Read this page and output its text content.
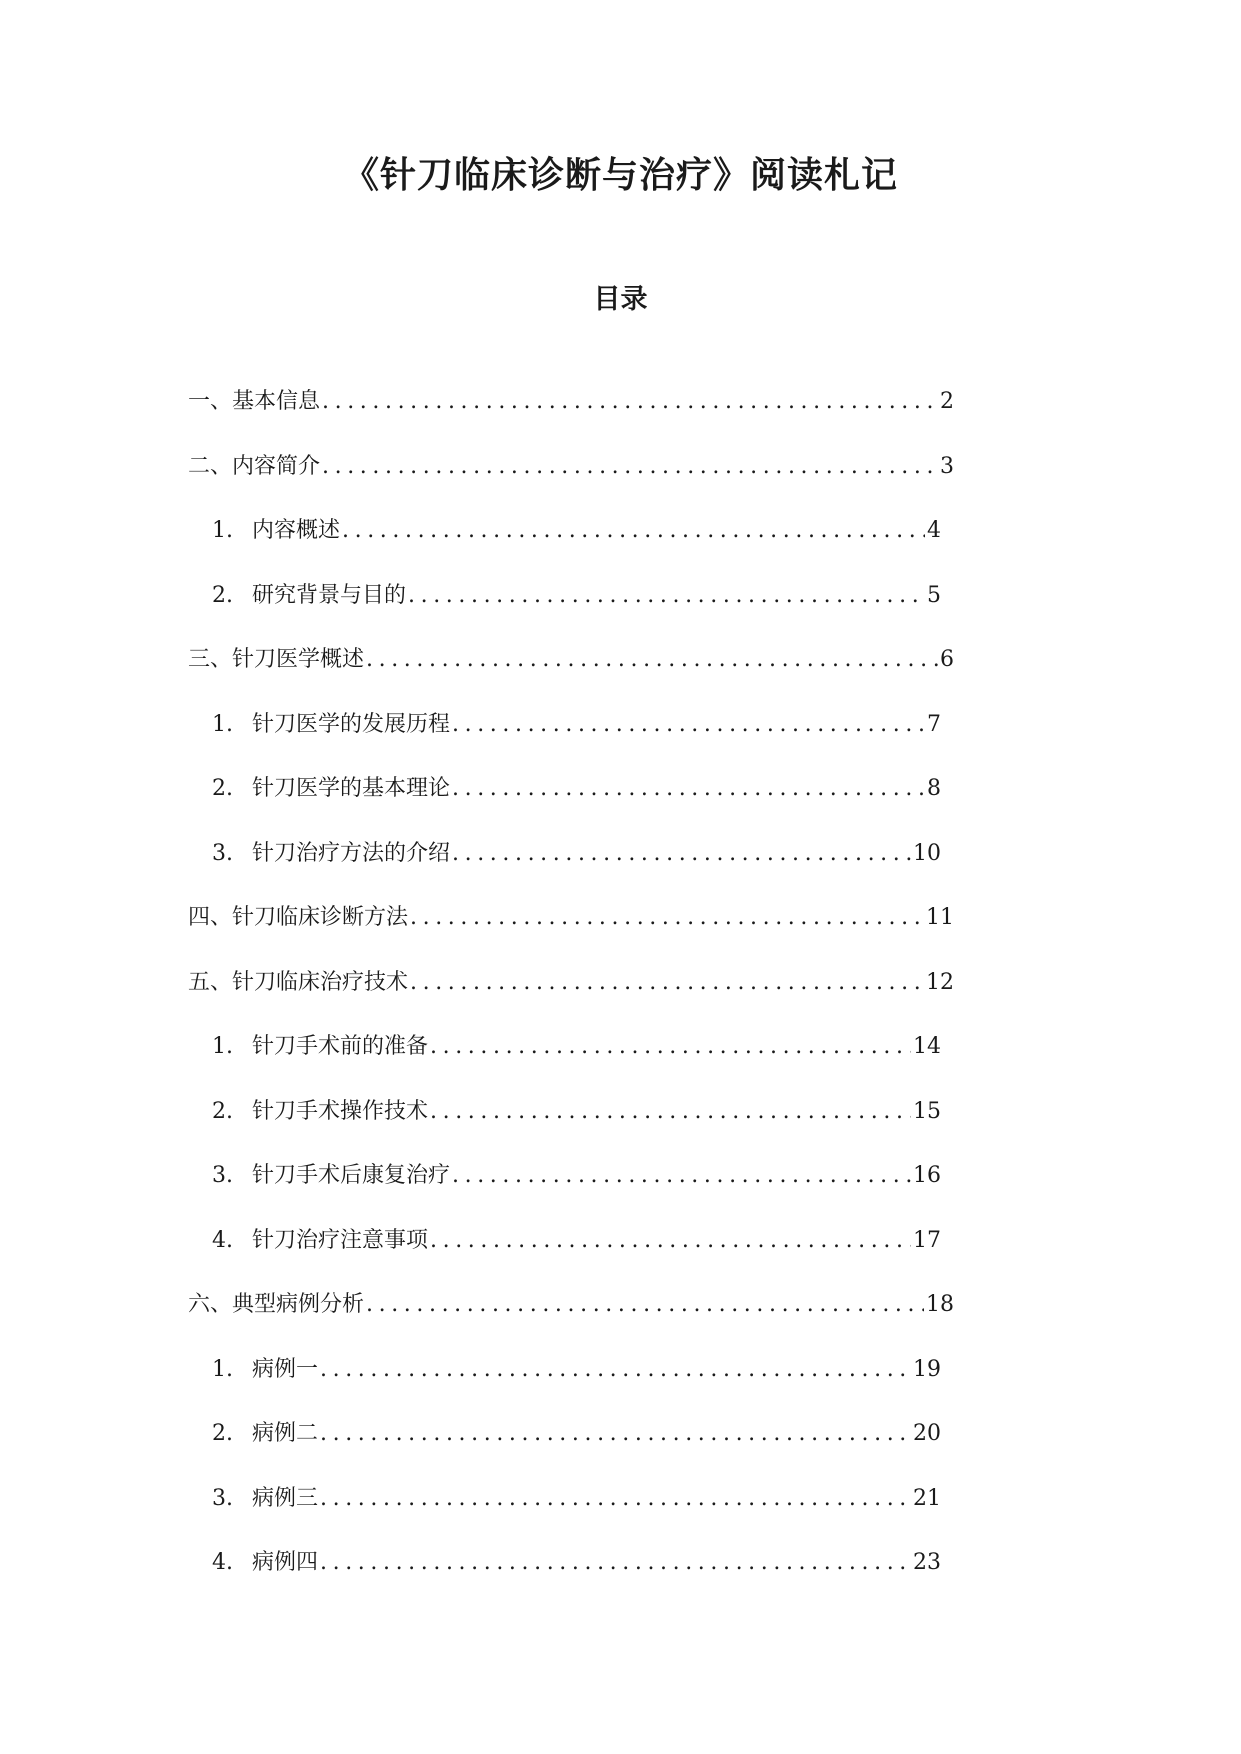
《针刀临床诊断与治疗》阅读札记
目录
一、基本信息 .....	2
二、内容简介 .....	3
1. 内容概述 .....	4
2. 研究背景与目的 .....	5
三、针刀医学概述 .....	6
1. 针刀医学的发展历程 .....	7
2. 针刀医学的基本理论 .....	8
3. 针刀治疗方法的介绍 .....	10
四、针刀临床诊断方法 .....	11
五、针刀临床治疗技术 .....	12
1. 针刀手术前的准备 .....	14
2. 针刀手术操作技术 .....	15
3. 针刀手术后康复治疗 .....	16
4. 针刀治疗注意事项 .....	17
六、典型病例分析 .....	18
1. 病例一 .....	19
2. 病例二 .....	20
3. 病例三 .....	21
4. 病例四 .....	23
